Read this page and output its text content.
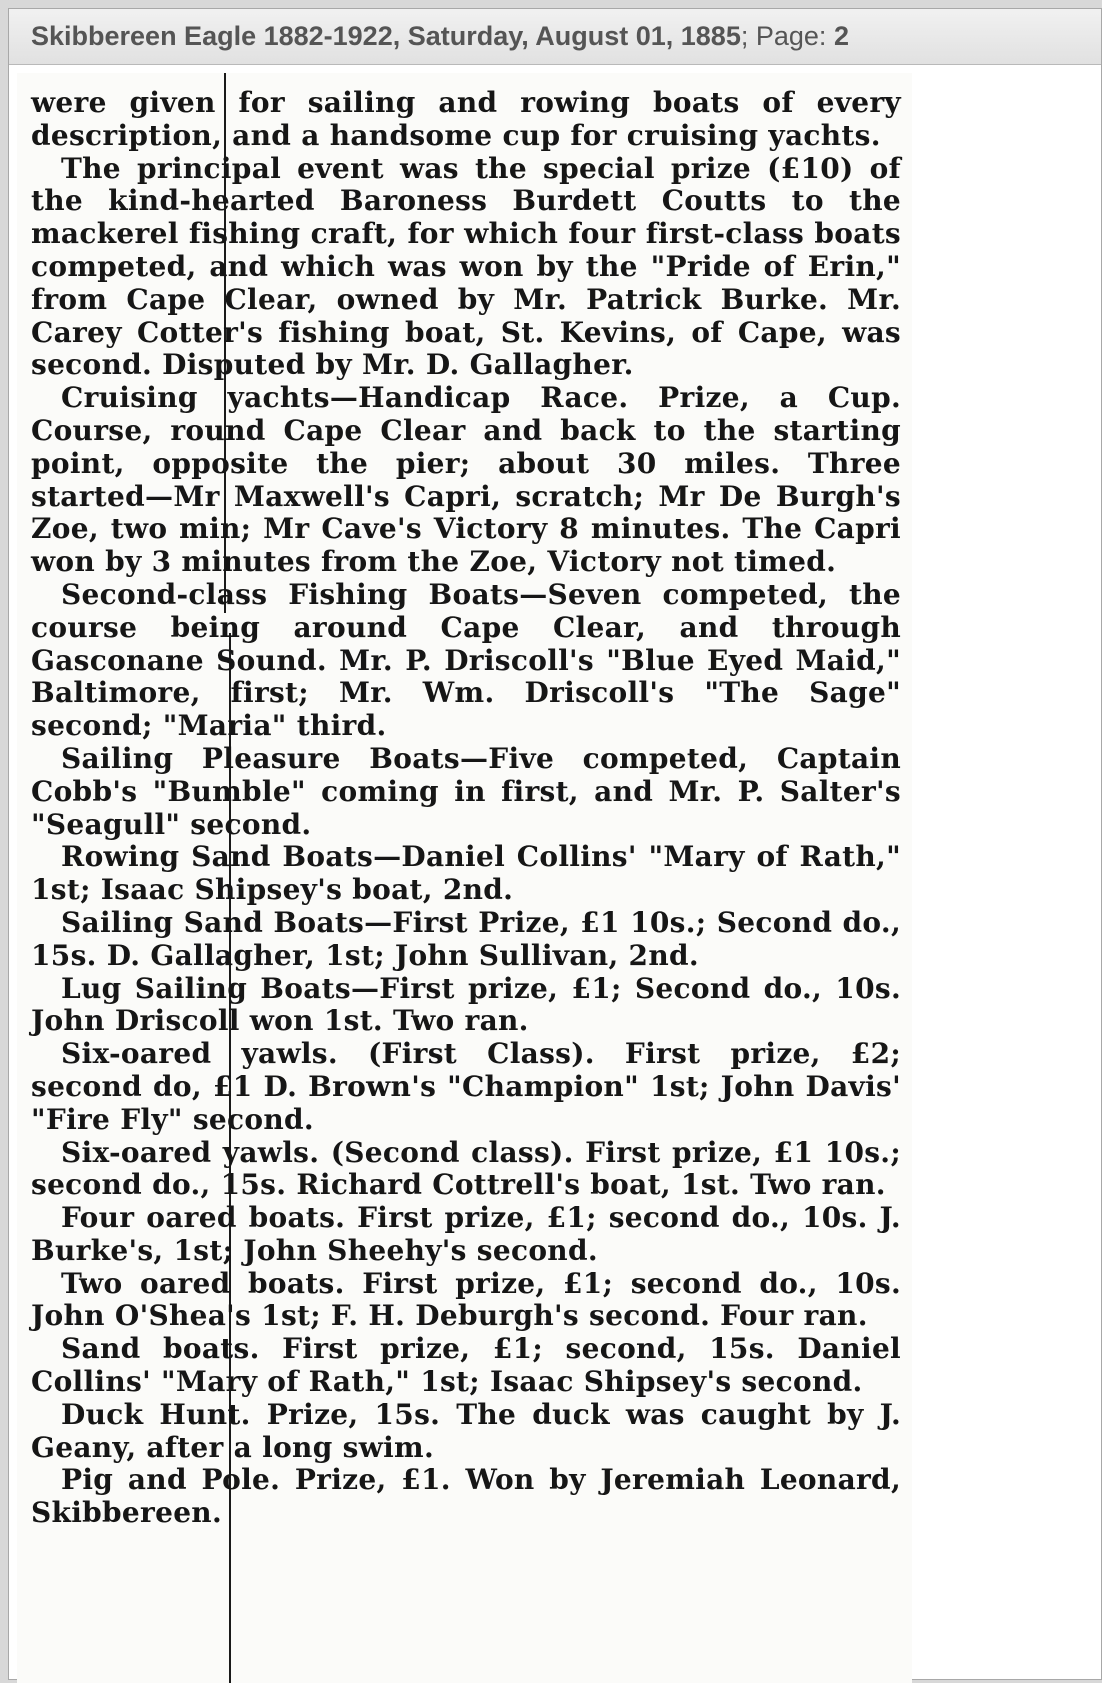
Skibbereen Eagle 1882-1922, Saturday, August 01, 1885; Page: 2

were given for sailing and rowing boats of every description, and a handsome cup for cruising yachts.

The principal event was the special prize (£10) of the kind-hearted Baroness Burdett Coutts to the mackerel fishing craft, for which four first-class boats competed, and which was won by the "Pride of Erin," from Cape Clear, owned by Mr. Patrick Burke. Mr. Carey Cotter's fishing boat, St. Kevins, of Cape, was second. Disputed by Mr. D. Gallagher.

Cruising yachts—Handicap Race. Prize, a Cup. Course, round Cape Clear and back to the starting point, opposite the pier; about 30 miles. Three started—Mr Maxwell's Capri, scratch; Mr De Burgh's Zoe, two min; Mr Cave's Victory 8 minutes. The Capri won by 3 minutes from the Zoe, Victory not timed.

Second-class Fishing Boats—Seven competed, the course being around Cape Clear, and through Gasconane Sound. Mr. P. Driscoll's "Blue Eyed Maid," Baltimore, first; Mr. Wm. Driscoll's "The Sage" second; "Maria" third.

Sailing Pleasure Boats—Five competed, Captain Cobb's "Bumble" coming in first, and Mr. P. Salter's "Seagull" second.

Rowing Sand Boats—Daniel Collins' "Mary of Rath," 1st; Isaac Shipsey's boat, 2nd.

Sailing Sand Boats—First Prize, £1 10s.; Second do., 15s. D. Gallagher, 1st; John Sullivan, 2nd.

Lug Sailing Boats—First prize, £1; Second do., 10s. John Driscoll won 1st. Two ran.

Six-oared yawls. (First Class). First prize, £2; second do, £1 D. Brown's "Champion" 1st; John Davis' "Fire Fly" second.

Six-oared yawls. (Second class). First prize, £1 10s.; second do., 15s. Richard Cottrell's boat, 1st. Two ran.

Four oared boats. First prize, £1; second do., 10s. J. Burke's, 1st; John Sheehy's second.

Two oared boats. First prize, £1; second do., 10s. John O'Shea's 1st; F. H. Deburgh's second. Four ran.

Sand boats. First prize, £1; second, 15s. Daniel Collins' "Mary of Rath," 1st; Isaac Shipsey's second.

Duck Hunt. Prize, 15s. The duck was caught by J. Geany, after a long swim.

Pig and Pole. Prize, £1. Won by Jeremiah Leonard, Skibbereen.
